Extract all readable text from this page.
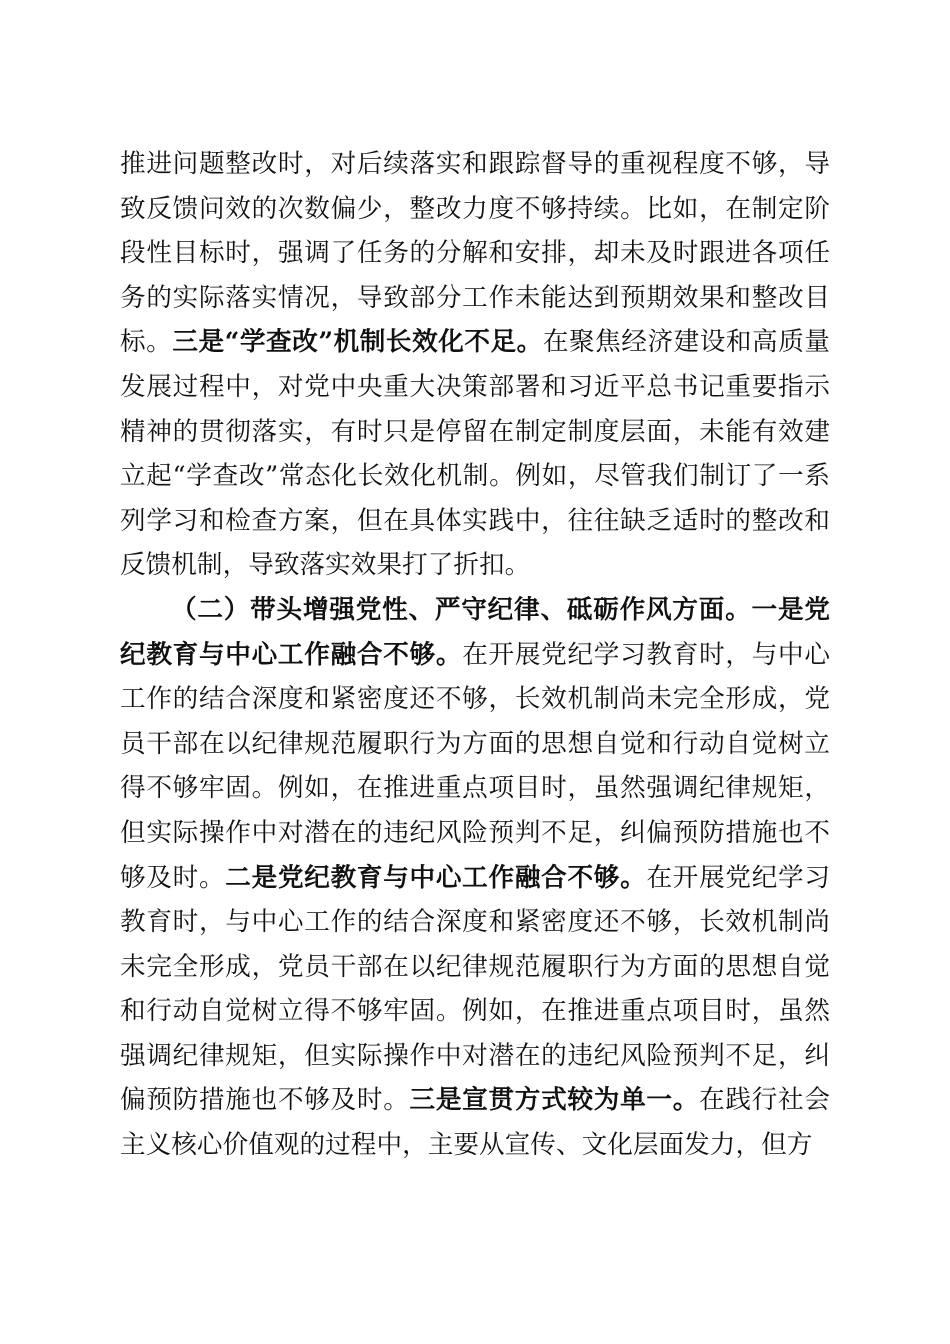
推进问题整改时，对后续落实和跟踪督导的重视程度不够，导致反馈问效的次数偏少，整改力度不够持续。比如，在制定阶段性目标时，强调了任务的分解和安排，却未及时跟进各项任务的实际落实情况，导致部分工作未能达到预期效果和整改目标。三是“学查改”机制长效化不足。在聚焦经济建设和高质量发展过程中，对党中央重大决策部署和习近平总书记重要指示精神的贯彻落实，有时只是停留在制定制度层面，未能有效建立起“学查改”常态化长效化机制。例如，尽管我们制订了一系列学习和检查方案，但在具体实践中，往往缺乏适时的整改和反馈机制，导致落实效果打了折扣。

（二）带头增强党性、严守纪律、砥砺作风方面。一是党纪教育与中心工作融合不够。在开展党纪学习教育时，与中心工作的结合深度和紧密度还不够，长效机制尚未完全形成，党员干部在以纪律规范履职行为方面的思想自觉和行动自觉树立得不够牢固。例如，在推进重点项目时，虽然强调纪律规矩，但实际操作中对潜在的违纪风险预判不足，纠偏预防措施也不够及时。二是党纪教育与中心工作融合不够。在开展党纪学习教育时，与中心工作的结合深度和紧密度还不够，长效机制尚未完全形成，党员干部在以纪律规范履职行为方面的思想自觉和行动自觉树立得不够牢固。例如，在推进重点项目时，虽然强调纪律规矩，但实际操作中对潜在的违纪风险预判不足，纠偏预防措施也不够及时。三是宣贯方式较为单一。在践行社会主义核心价值观的过程中，主要从宣传、文化层面发力，但方
